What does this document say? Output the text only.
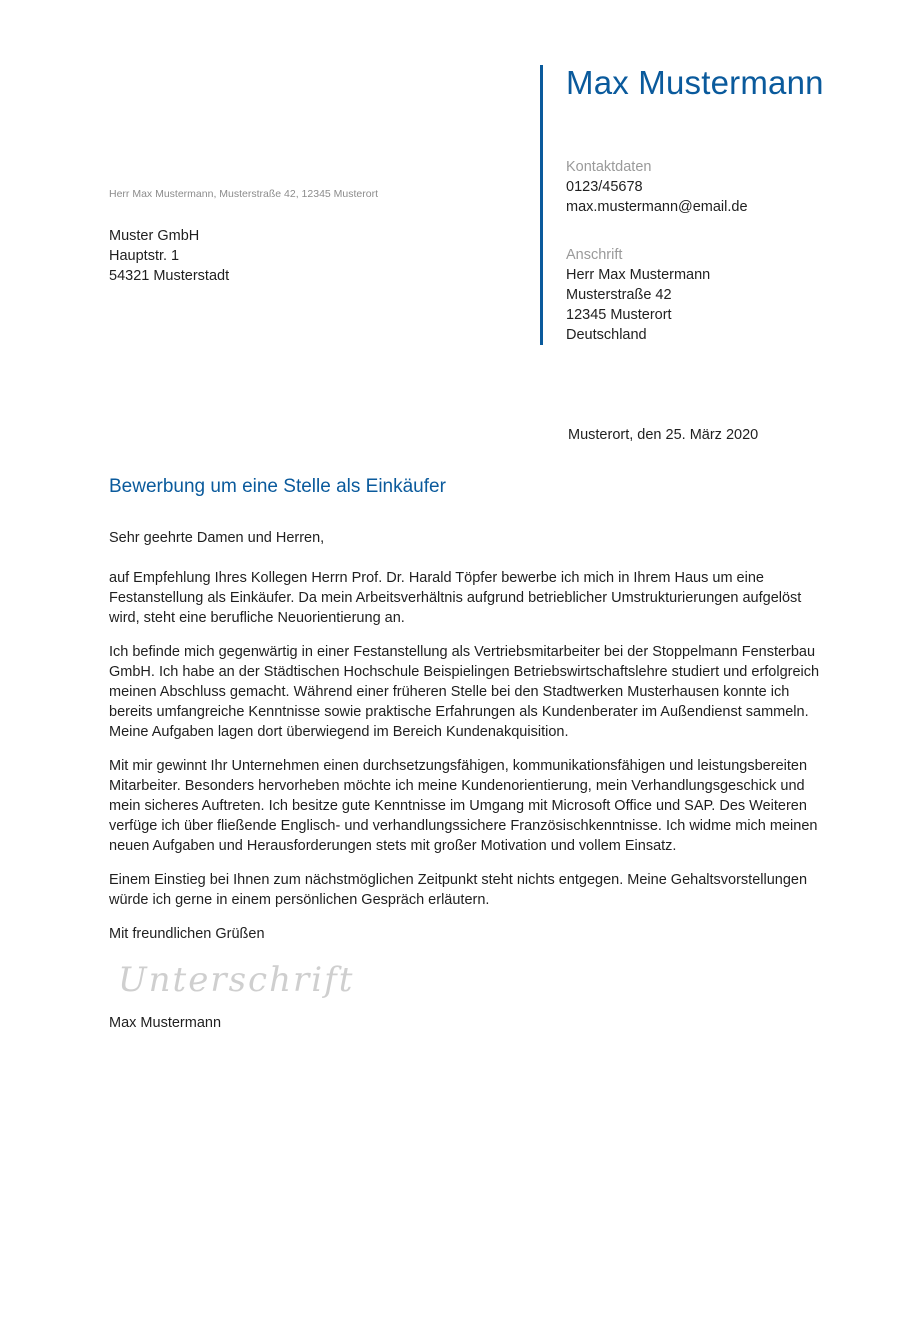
Max Mustermann
Kontaktdaten
0123/45678
max.mustermann@email.de
Anschrift
Herr Max Mustermann
Musterstraße 42
12345 Musterort
Deutschland
Herr Max Mustermann, Musterstraße 42, 12345 Musterort
Muster GmbH
Hauptstr. 1
54321 Musterstadt
Musterort, den 25. März 2020
Bewerbung um eine Stelle als Einkäufer

Sehr geehrte Damen und Herren,

auf Empfehlung Ihres Kollegen Herrn Prof. Dr. Harald Töpfer bewerbe ich mich in Ihrem Haus um eine Festanstellung als Einkäufer. Da mein Arbeitsverhältnis aufgrund betrieblicher Umstrukturierungen aufgelöst wird, steht eine berufliche Neuorientierung an.

Ich befinde mich gegenwärtig in einer Festanstellung als Vertriebsmitarbeiter bei der Stoppelmann Fensterbau GmbH. Ich habe an der Städtischen Hochschule Beispielingen Betriebswirtschaftslehre studiert und erfolgreich meinen Abschluss gemacht. Während einer früheren Stelle bei den Stadtwerken Musterhausen konnte ich bereits umfangreiche Kenntnisse sowie praktische Erfahrungen als Kundenberater im Außendienst sammeln. Meine Aufgaben lagen dort überwiegend im Bereich Kundenakquisition.

Mit mir gewinnt Ihr Unternehmen einen durchsetzungsfähigen, kommunikationsfähigen und leistungsbereiten Mitarbeiter. Besonders hervorheben möchte ich meine Kundenorientierung, mein Verhandlungsgeschick und mein sicheres Auftreten. Ich besitze gute Kenntnisse im Umgang mit Microsoft Office und SAP. Des Weiteren verfüge ich über fließende Englisch- und verhandlungssichere Französischkenntnisse. Ich widme mich meinen neuen Aufgaben und Herausforderungen stets mit großer Motivation und vollem Einsatz.

Einem Einstieg bei Ihnen zum nächstmöglichen Zeitpunkt steht nichts entgegen. Meine Gehaltsvorstellungen würde ich gerne in einem persönlichen Gespräch erläutern.

Mit freundlichen Grüßen

Unterschrift
Max Mustermann
